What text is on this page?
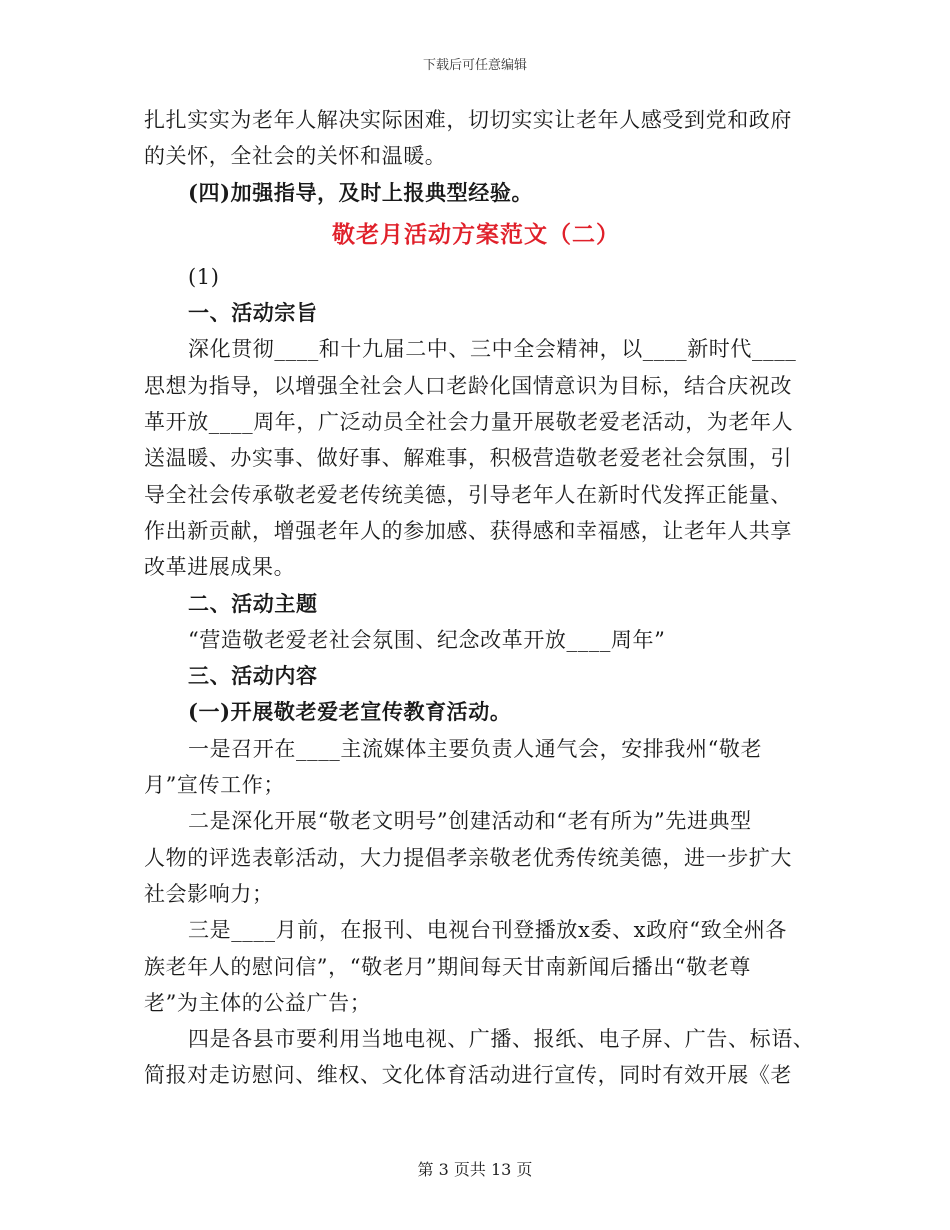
下载后可任意编辑

扎扎实实为老年人解决实际困难，切切实实让老年人感受到党和政府

的关怀，全社会的关怀和温暖。

(四)加强指导，及时上报典型经验。

敬老月活动方案范文（二）

(1)

一、活动宗旨

深化贯彻____和十九届二中、三中全会精神，以____新时代____

思想为指导，以增强全社会人口老龄化国情意识为目标，结合庆祝改

革开放____周年，广泛动员全社会力量开展敬老爱老活动，为老年人

送温暖、办实事、做好事、解难事，积极营造敬老爱老社会氛围，引

导全社会传承敬老爱老传统美德，引导老年人在新时代发挥正能量、

作出新贡献，增强老年人的参加感、获得感和幸福感，让老年人共享

改革进展成果。

二、活动主题

“营造敬老爱老社会氛围、纪念改革开放____周年”

三、活动内容

(一)开展敬老爱老宣传教育活动。

一是召开在____主流媒体主要负责人通气会，安排我州“敬老

月”宣传工作；

二是深化开展“敬老文明号”创建活动和“老有所为”先进典型

人物的评选表彰活动，大力提倡孝亲敬老优秀传统美德，进一步扩大

社会影响力；

三是____月前，在报刊、电视台刊登播放x委、x政府“致全州各

族老年人的慰问信”，“敬老月”期间每天甘南新闻后播出“敬老尊

老”为主体的公益广告；

四是各县市要利用当地电视、广播、报纸、电子屏、广告、标语、

简报对走访慰问、维权、文化体育活动进行宣传，同时有效开展《老

第 3 页共 13 页
